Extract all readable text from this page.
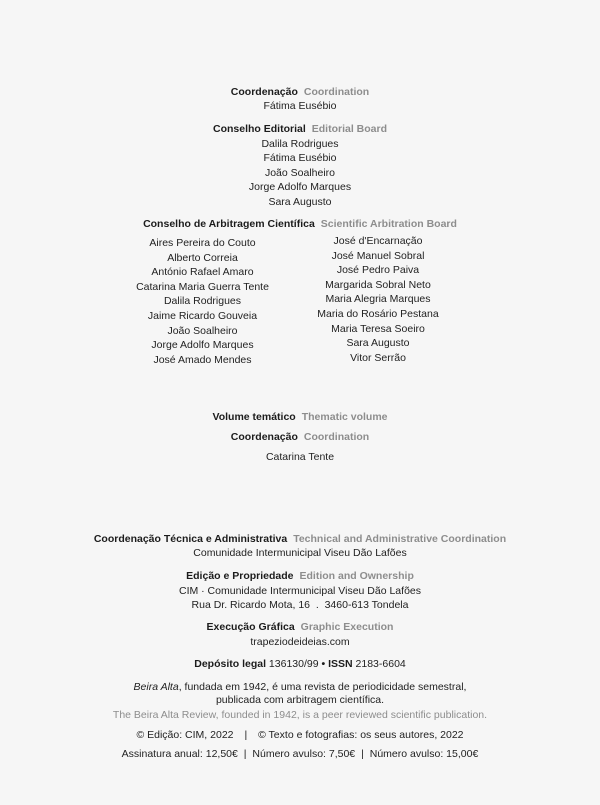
Coordenação Coordination
Fátima Eusébio
Conselho Editorial Editorial Board
Dalila Rodrigues
Fátima Eusébio
João Soalheiro
Jorge Adolfo Marques
Sara Augusto
Conselho de Arbitragem Científica Scientific Arbitration Board
Aires Pereira do Couto
Alberto Correia
António Rafael Amaro
Catarina Maria Guerra Tente
Dalila Rodrigues
Jaime Ricardo Gouveia
João Soalheiro
Jorge Adolfo Marques
José Amado Mendes
José d'Encarnação
José Manuel Sobral
José Pedro Paiva
Margarida Sobral Neto
Maria Alegria Marques
Maria do Rosário Pestana
Maria Teresa Soeiro
Sara Augusto
Vitor Serrão
Volume temático Thematic volume
Coordenação Coordination
Catarina Tente
Coordenação Técnica e Administrativa Technical and Administrative Coordination
Comunidade Intermunicipal Viseu Dão Lafões
Edição e Propriedade Edition and Ownership
CIM · Comunidade Intermunicipal Viseu Dão Lafões
Rua Dr. Ricardo Mota, 16  .  3460-613 Tondela
Execução Gráfica Graphic Execution
trapeziodeideias.com
Depósito legal 136130/99 • ISSN 2183-6604
Beira Alta, fundada em 1942, é uma revista de periodicidade semestral,
publicada com arbitragem científica.
The Beira Alta Review, founded in 1942, is a peer reviewed scientific publication.
© Edição: CIM, 2022 | © Texto e fotografias: os seus autores, 2022
Assinatura anual: 12,50€ | Número avulso: 7,50€ | Número avulso: 15,00€
